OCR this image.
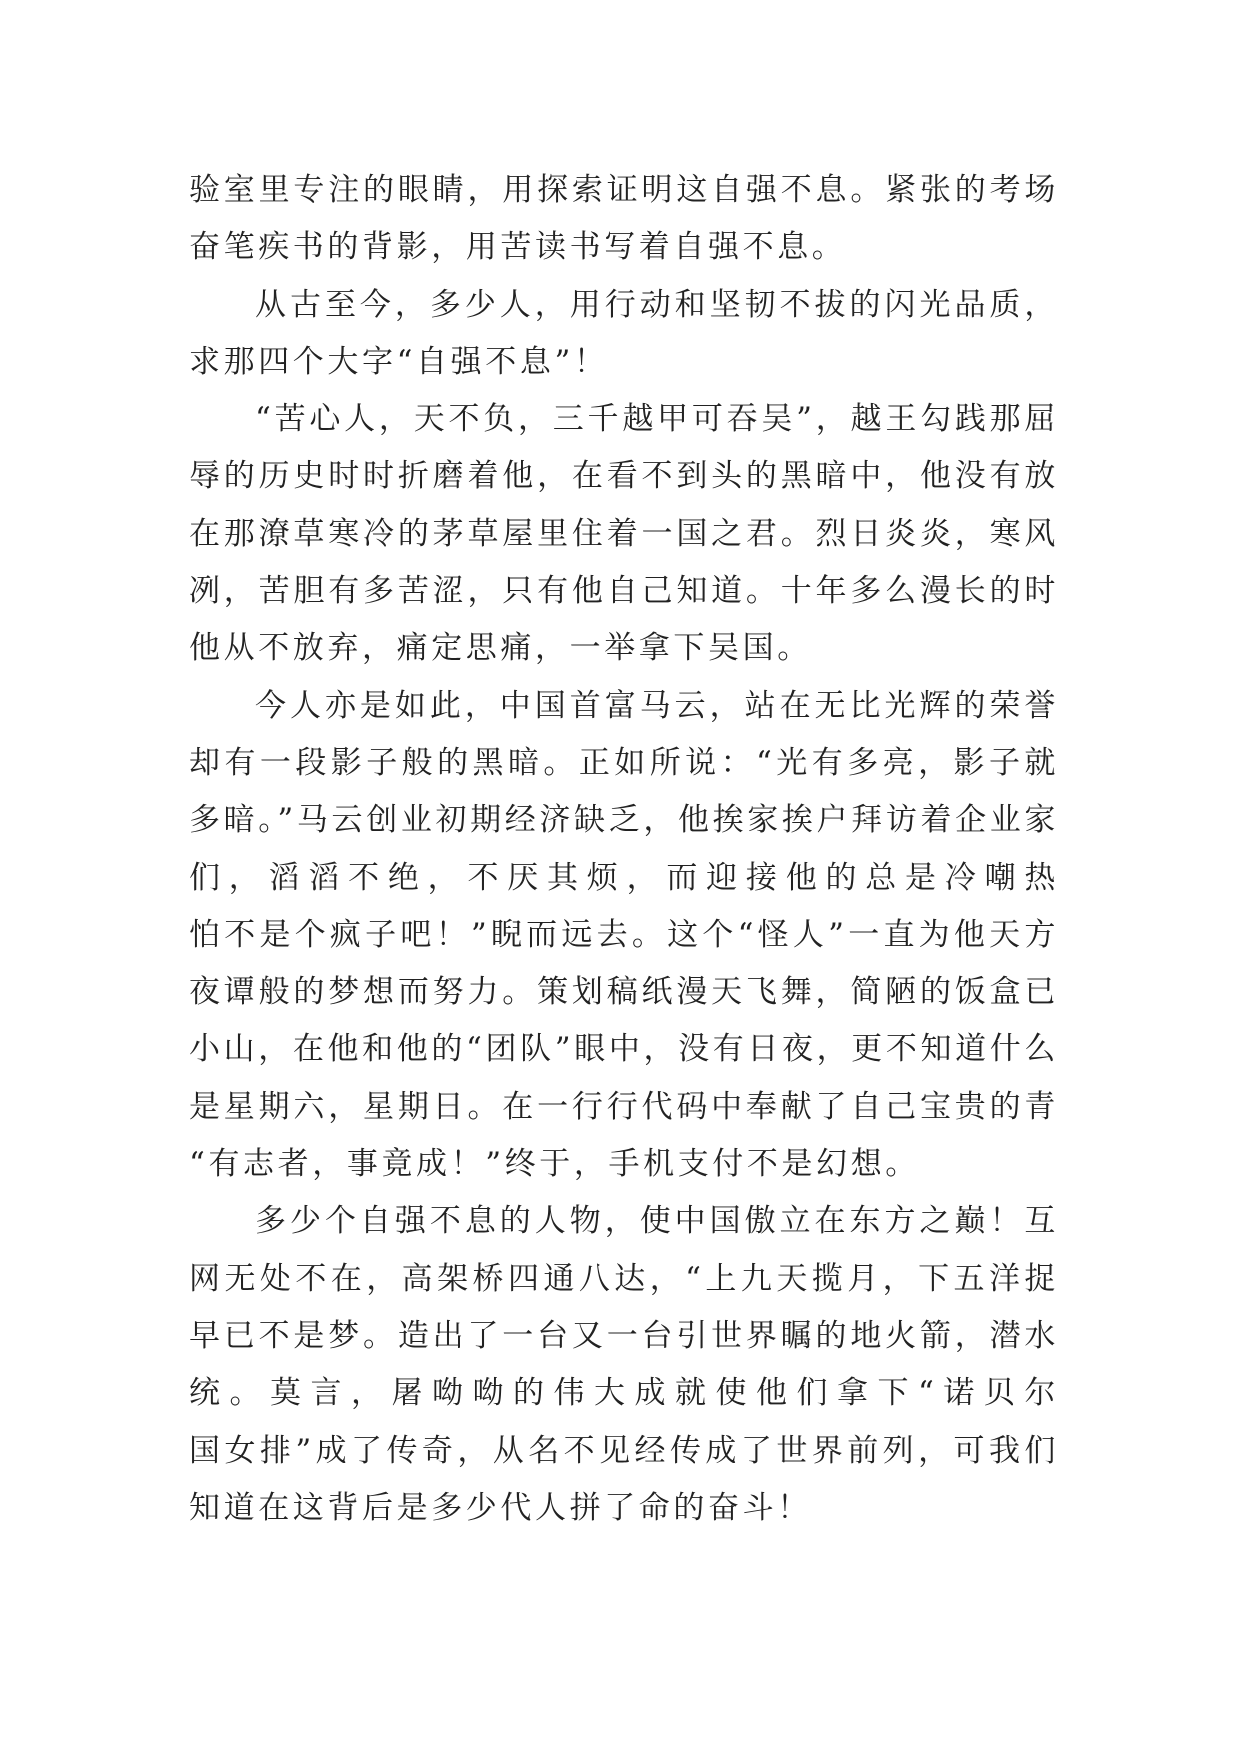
验室里专注的眼睛，用探索证明这自强不息。紧张的考场
奋笔疾书的背影，用苦读书写着自强不息。
从古至今，多少人，用行动和坚韧不拔的闪光品质，
求那四个大字“自强不息”！
“苦心人，天不负，三千越甲可吞吴”，越王勾践那屈
辱的历史时时折磨着他，在看不到头的黑暗中，他没有放
在那潦草寒冷的茅草屋里住着一国之君。烈日炎炎，寒风
冽，苦胆有多苦涩，只有他自己知道。十年多么漫长的时
他从不放弃，痛定思痛，一举拿下吴国。
今人亦是如此，中国首富马云，站在无比光辉的荣誉
却有一段影子般的黑暗。正如所说：“光有多亮，影子就
多暗。”马云创业初期经济缺乏，他挨家挨户拜访着企业家
们，滔滔不绝，不厌其烦，而迎接他的总是冷嘲热
怕不是个疯子吧！”睨而远去。这个“怪人”一直为他天方
夜谭般的梦想而努力。策划稿纸漫天飞舞，简陋的饭盒已
小山，在他和他的“团队”眼中，没有日夜，更不知道什么
是星期六，星期日。在一行行代码中奉献了自己宝贵的青
“有志者，事竟成！”终于，手机支付不是幻想。
多少个自强不息的人物，使中国傲立在东方之巅！互
网无处不在，高架桥四通八达，“上九天揽月，下五洋捉
早已不是梦。造出了一台又一台引世界瞩的地火箭，潜水
统。莫言，屠呦呦的伟大成就使他们拿下“诺贝尔
国女排”成了传奇，从名不见经传成了世界前列，可我们
知道在这背后是多少代人拼了命的奋斗！
